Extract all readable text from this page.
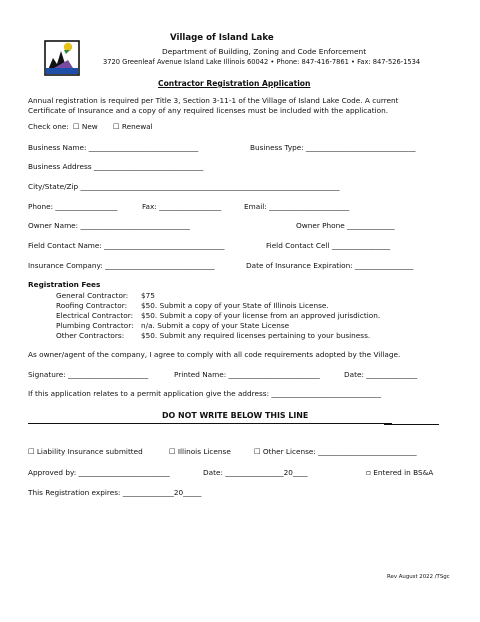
Village of Island Lake
Department of Building, Zoning and Code Enforcement
3720 Greenleaf Avenue Island Lake Illinois 60042 • Phone: 847-416-7861 • Fax: 847-526-1534
Contractor Registration Application
Annual registration is required per Title 3, Section 3-11-1 of the Village of Island Lake Code. A current
Certificate of Insurance and a copy of any required licenses must be included with the application.
Check one: ☐ New ☐ Renewal
Business Name: ______________________________	Business Type: ______________________________
Business Address ______________________________
City/State/Zip _______________________________________________________________________
Phone: _________________	Fax: _________________	Email: ______________________
Owner Name: ______________________________	Owner Phone _____________
Field Contact Name: _________________________________	Field Contact Cell ________________
Insurance Company: ______________________________	Date of Insurance Expiration: ________________
Registration Fees
General Contractor: $75
Roofing Contractor: $50. Submit a copy of your State of Illinois License.
Electrical Contractor: $50. Submit a copy of your license from an approved jurisdiction.
Plumbing Contractor: n/a. Submit a copy of your State License
Other Contractors: $50. Submit any required licenses pertaining to your business.
As owner/agent of the company, I agree to comply with all code requirements adopted by the Village.
Signature: ______________________	Printed Name: _________________________	Date: ______________
If this application relates to a permit application give the address: ______________________________
DO NOT WRITE BELOW THIS LINE
☐ Liability Insurance submitted	☐ Illinois License	☐ Other License: ___________________________
Approved by: _________________________	Date: ________________20____	▫ Entered in BS&A
This Registration expires: ______________20_____
Rev August 2022 /TSgc
